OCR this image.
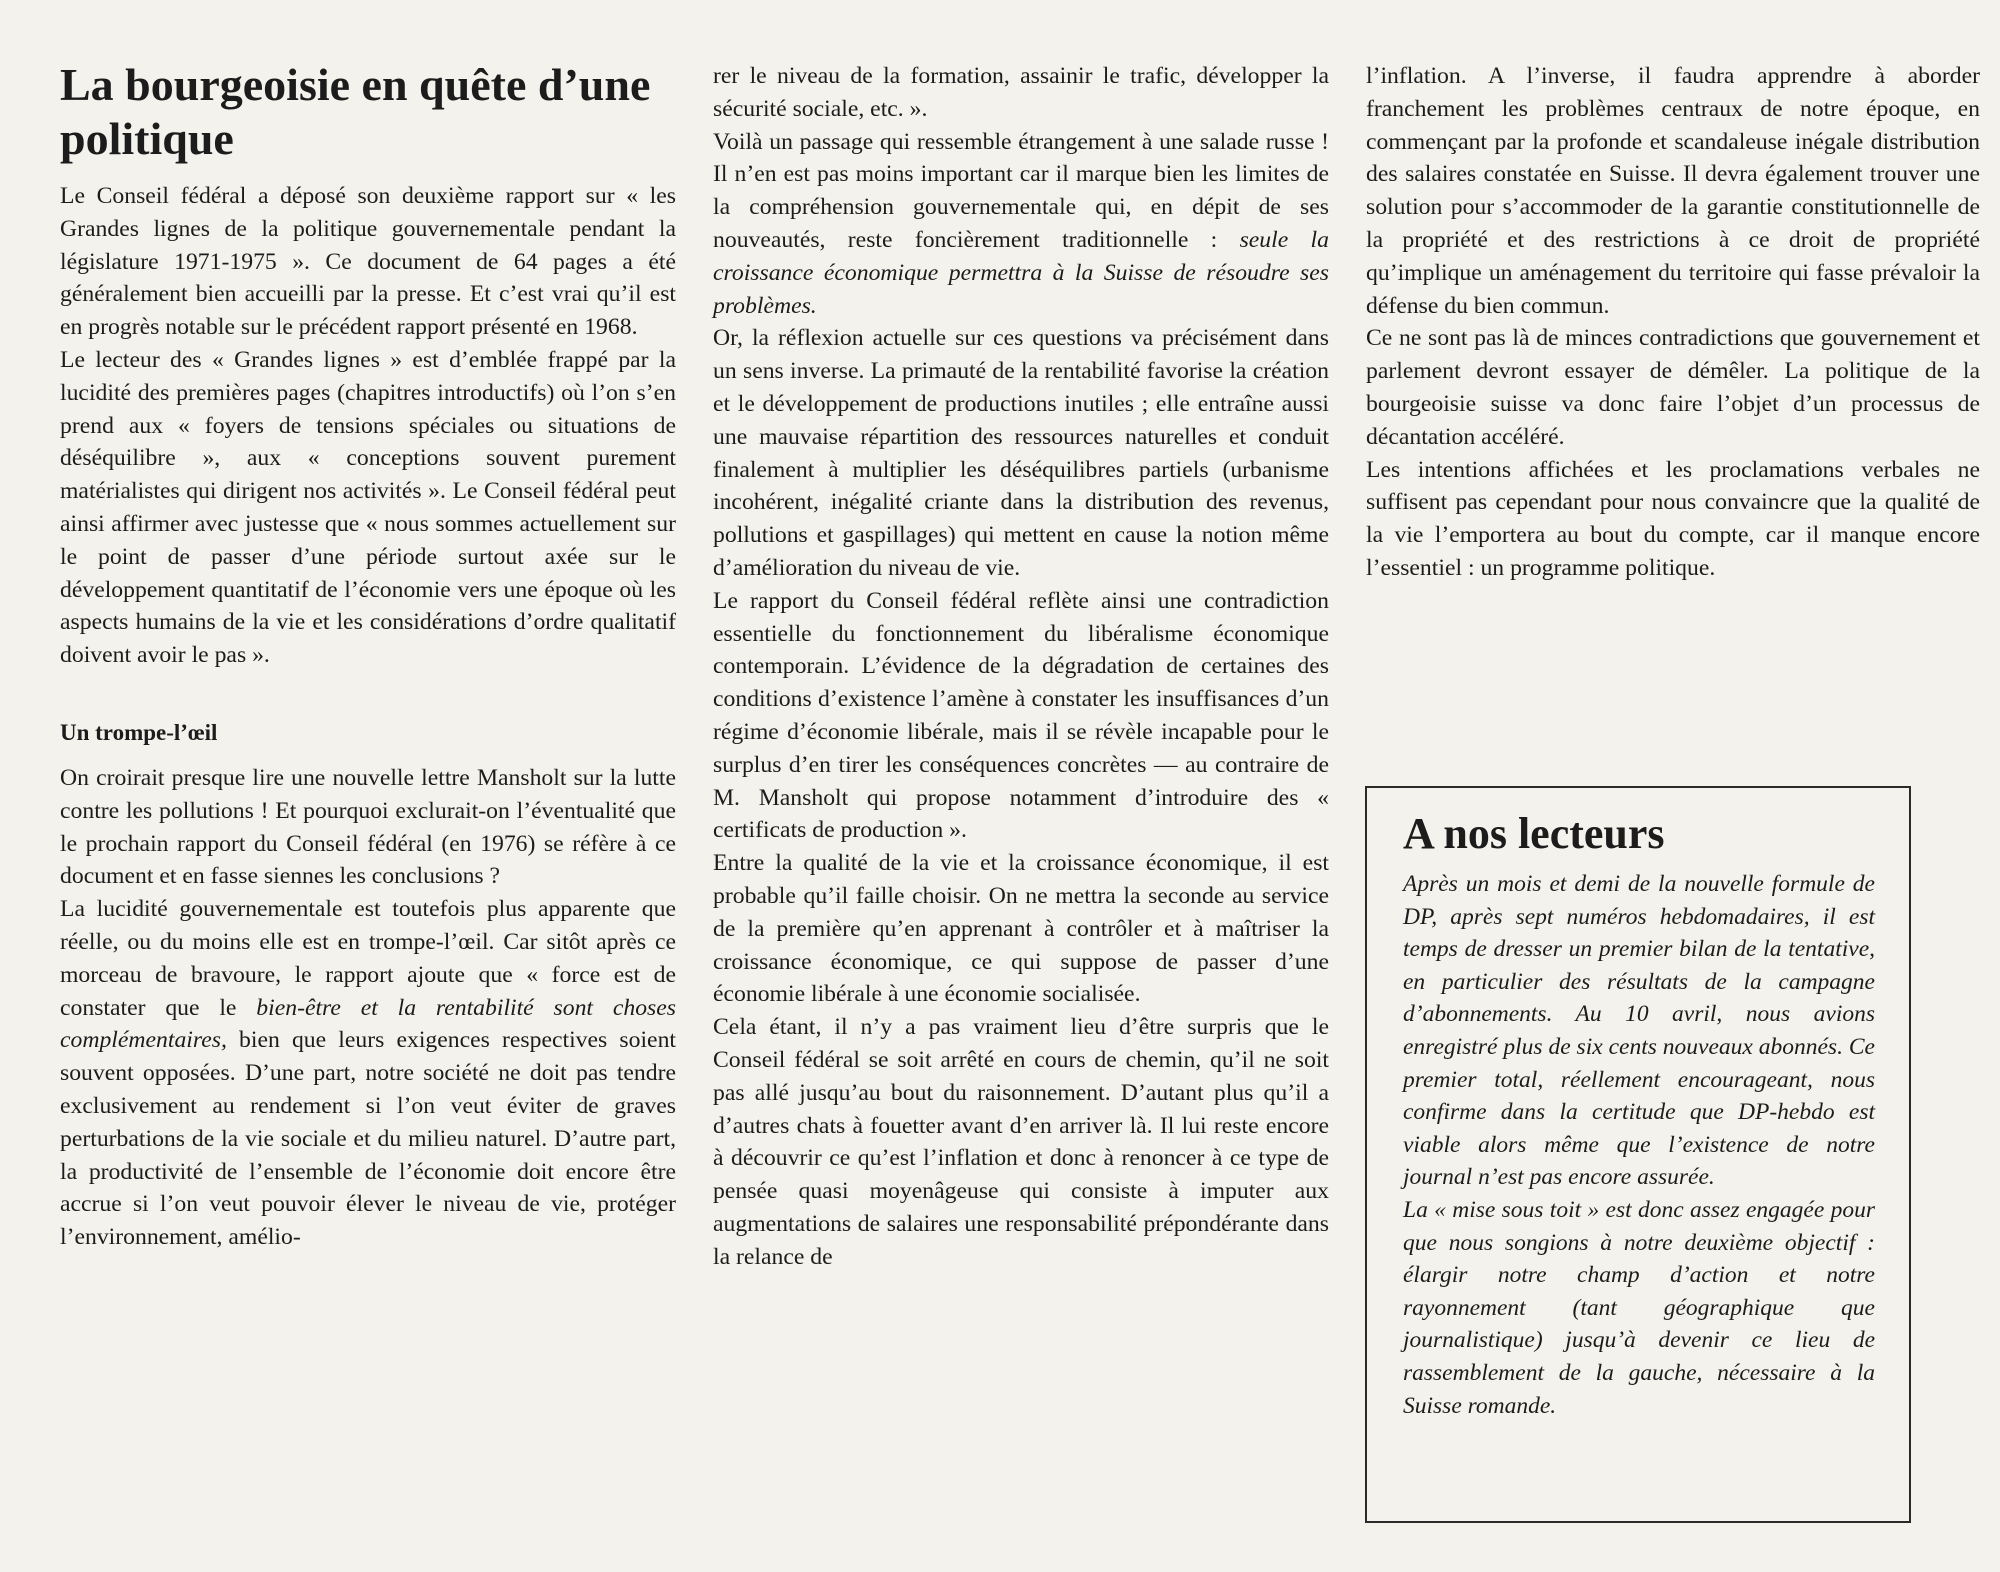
La bourgeoisie en quête d’une politique

Le Conseil fédéral a déposé son deuxième rapport sur « les Grandes lignes de la politique gouvernementale pendant la législature 1971-1975 ». Ce document de 64 pages a été généralement bien accueilli par la presse. Et c’est vrai qu’il est en progrès notable sur le précédent rapport présenté en 1968.

Le lecteur des « Grandes lignes » est d’emblée frappé par la lucidité des premières pages (chapitres introductifs) où l’on s’en prend aux « foyers de tensions spéciales ou situations de déséquilibre », aux « conceptions souvent purement matérialistes qui dirigent nos activités ». Le Conseil fédéral peut ainsi affirmer avec justesse que « nous sommes actuellement sur le point de passer d’une période surtout axée sur le développement quantitatif de l’économie vers une époque où les aspects humains de la vie et les considérations d’ordre qualitatif doivent avoir le pas ».

Un trompe-l’œil

On croirait presque lire une nouvelle lettre Mansholt sur la lutte contre les pollutions ! Et pourquoi exclurait-on l’éventualité que le prochain rapport du Conseil fédéral (en 1976) se réfère à ce document et en fasse siennes les conclusions ?

La lucidité gouvernementale est toutefois plus apparente que réelle, ou du moins elle est en trompe-l’œil. Car sitôt après ce morceau de bravoure, le rapport ajoute que « force est de constater que le bien-être et la rentabilité sont choses complémentaires, bien que leurs exigences respectives soient souvent opposées. D’une part, notre société ne doit pas tendre exclusivement au rendement si l’on veut éviter de graves perturbations de la vie sociale et du milieu naturel. D’autre part, la productivité de l’ensemble de l’économie doit encore être accrue si l’on veut pouvoir élever le niveau de vie, protéger l’environnement, amélio-

rer le niveau de la formation, assainir le trafic, développer la sécurité sociale, etc. ».

Voilà un passage qui ressemble étrangement à une salade russe ! Il n’en est pas moins important car il marque bien les limites de la compréhension gouvernementale qui, en dépit de ses nouveautés, reste foncièrement traditionnelle : seule la croissance économique permettra à la Suisse de résoudre ses problèmes.

Or, la réflexion actuelle sur ces questions va précisément dans un sens inverse. La primauté de la rentabilité favorise la création et le développement de productions inutiles ; elle entraîne aussi une mauvaise répartition des ressources naturelles et conduit finalement à multiplier les déséquilibres partiels (urbanisme incohérent, inégalité criante dans la distribution des revenus, pollutions et gaspillages) qui mettent en cause la notion même d’amélioration du niveau de vie.

Le rapport du Conseil fédéral reflète ainsi une contradiction essentielle du fonctionnement du libéralisme économique contemporain. L’évidence de la dégradation de certaines des conditions d’existence l’amène à constater les insuffisances d’un régime d’économie libérale, mais il se révèle incapable pour le surplus d’en tirer les conséquences concrètes — au contraire de M. Mansholt qui propose notamment d’introduire des « certificats de production ».

Entre la qualité de la vie et la croissance économique, il est probable qu’il faille choisir. On ne mettra la seconde au service de la première qu’en apprenant à contrôler et à maîtriser la croissance économique, ce qui suppose de passer d’une économie libérale à une économie socialisée.

Cela étant, il n’y a pas vraiment lieu d’être surpris que le Conseil fédéral se soit arrêté en cours de chemin, qu’il ne soit pas allé jusqu’au bout du raisonnement. D’autant plus qu’il a d’autres chats à fouetter avant d’en arriver là. Il lui reste encore à découvrir ce qu’est l’inflation et donc à renoncer à ce type de pensée quasi moyenâgeuse qui consiste à imputer aux augmentations de salaires une responsabilité prépondérante dans la relance de

l’inflation. A l’inverse, il faudra apprendre à aborder franchement les problèmes centraux de notre époque, en commençant par la profonde et scandaleuse inégale distribution des salaires constatée en Suisse. Il devra également trouver une solution pour s’accommoder de la garantie constitutionnelle de la propriété et des restrictions à ce droit de propriété qu’implique un aménagement du territoire qui fasse prévaloir la défense du bien commun.

Ce ne sont pas là de minces contradictions que gouvernement et parlement devront essayer de démêler. La politique de la bourgeoisie suisse va donc faire l’objet d’un processus de décantation accéléré.

Les intentions affichées et les proclamations verbales ne suffisent pas cependant pour nous convaincre que la qualité de la vie l’emportera au bout du compte, car il manque encore l’essentiel : un programme politique.

A nos lecteurs

Après un mois et demi de la nouvelle formule de DP, après sept numéros hebdomadaires, il est temps de dresser un premier bilan de la tentative, en particulier des résultats de la campagne d’abonnements. Au 10 avril, nous avions enregistré plus de six cents nouveaux abonnés. Ce premier total, réellement encourageant, nous confirme dans la certitude que DP-hebdo est viable alors même que l’existence de notre journal n’est pas encore assurée.

La « mise sous toit » est donc assez engagée pour que nous songions à notre deuxième objectif : élargir notre champ d’action et notre rayonnement (tant géographique que journalistique) jusqu’à devenir ce lieu de rassemblement de la gauche, nécessaire à la Suisse romande.
